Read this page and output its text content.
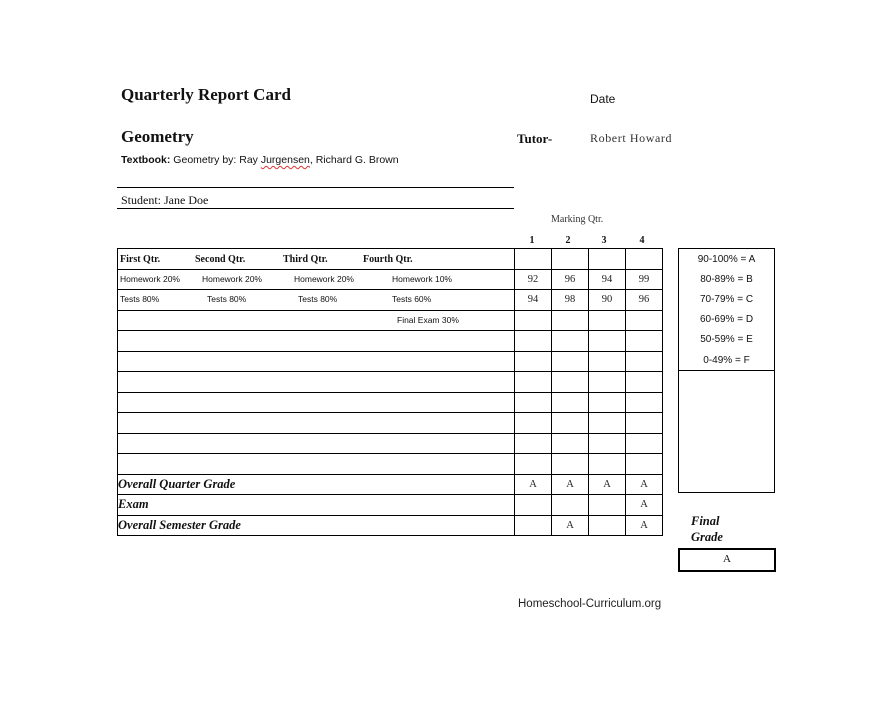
Quarterly Report Card	Date
Geometry	Tutor-	Robert Howard
Textbook: Geometry by: Ray Jurgensen, Richard G. Brown
Student: Jane Doe
Marking Qtr.
1	2	3	4
First Qtr. Second Qtr. Third Qtr. Fourth Qtr.				

Homework 20% Homework 20% Homework 20% Homework 10%	92	96	94	99

Tests 80% Tests 80% Tests 80% Tests 60%	94	98	90	96

Final Exam 30%				

Overall Quarter Grade	A	A	A	A
Exam				A
Overall Semester Grade		A		A
90-100% = A
80-89% = B
70-79% = C
60-69% = D
50-59% = E
0-49% = F
Final Grade
A
Homeschool-Curriculum.org
